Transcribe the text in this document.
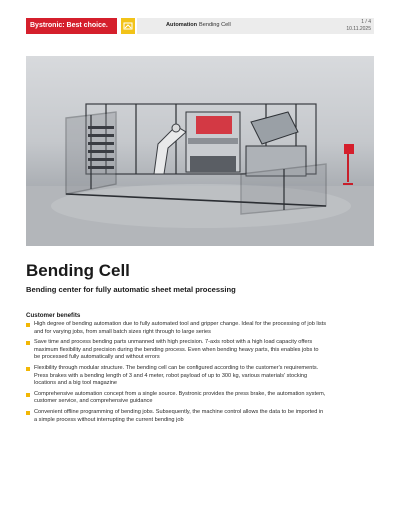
Bystronic: Best choice.	Automation Bending Cell	1 / 4
10.11.2025
Bending Cell
Bending center for fully automatic sheet metal processing
Customer benefits
High degree of bending automation due to fully automated tool and gripper change. Ideal for the processing of job lists and for varying jobs, from small batch sizes right through to large series
Save time and process bending parts unmanned with high precision. 7-axis robot with a high load capacity offers maximum flexibility and precision during the bending process. Even when bending heavy parts, this enables jobs to be processed fully automatically and without errors
Flexibility through modular structure. The bending cell can be configured according to the customer's requirements. Press brakes with a bending length of 3 and 4 meter, robot payload of up to 300 kg, various materials' stocking locations and a big tool magazine
Comprehensive automation concept from a single source. Bystronic provides the press brake, the automation system, customer service, and comprehensive guidance
Convenient offline programming of bending jobs. Subsequently, the machine control allows the data to be imported in a simple process without interrupting the current bending job
